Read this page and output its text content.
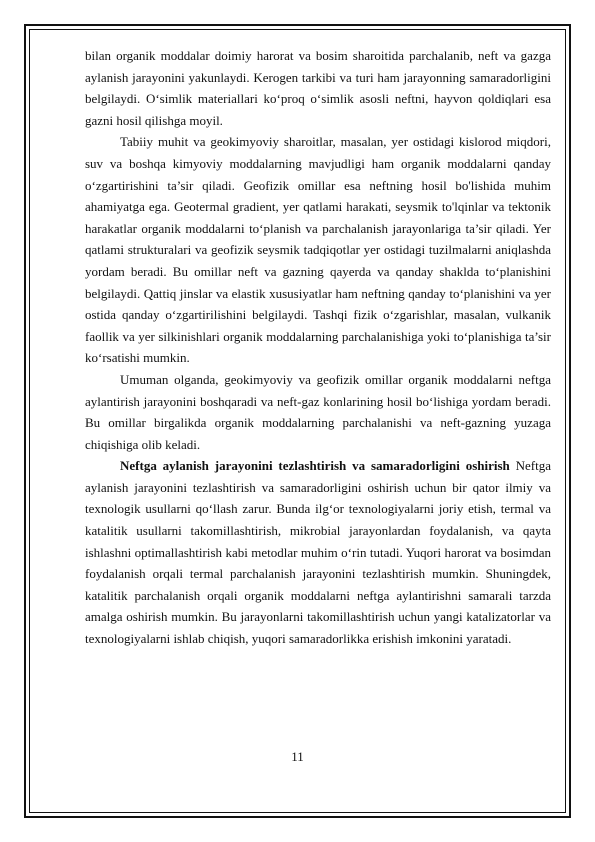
bilan organik moddalar doimiy harorat va bosim sharoitida parchalanib, neft va gazga aylanish jarayonini yakunlaydi. Kerogen tarkibi va turi ham jarayonning samaradorligini belgilaydi. O‘simlik materiallari ko‘proq o‘simlik asosli neftni, hayvon qoldiqlari esa gazni hosil qilishga moyil.

Tabiiy muhit va geokimyoviy sharoitlar, masalan, yer ostidagi kislorod miqdori, suv va boshqa kimyoviy moddalarning mavjudligi ham organik moddalarni qanday o‘zgartirishini ta’sir qiladi. Geofizik omillar esa neftning hosil bo'lishida muhim ahamiyatga ega. Geotermal gradient, yer qatlami harakati, seysmik to'lqinlar va tektonik harakatlar organik moddalarni to‘planish va parchalanish jarayonlariga ta’sir qiladi. Yer qatlami strukturalari va geofizik seysmik tadqiqotlar yer ostidagi tuzilmalarni aniqlashda yordam beradi. Bu omillar neft va gazning qayerda va qanday shaklda to‘planishini belgilaydi. Qattiq jinslar va elastik xususiyatlar ham neftning qanday to‘planishini va yer ostida qanday o‘zgartirilishini belgilaydi. Tashqi fizik o‘zgarishlar, masalan, vulkanik faollik va yer silkinishlari organik moddalarning parchalanishiga yoki to‘planishiga ta’sir ko‘rsatishi mumkin.

Umuman olganda, geokimyoviy va geofizik omillar organik moddalarni neftga aylantirish jarayonini boshqaradi va neft-gaz konlarining hosil bo‘lishiga yordam beradi. Bu omillar birgalikda organik moddalarning parchalanishi va neft-gazning yuzaga chiqishiga olib keladi.

Neftga aylanish jarayonini tezlashtirish va samaradorligini oshirish Neftga aylanish jarayonini tezlashtirish va samaradorligini oshirish uchun bir qator ilmiy va texnologik usullarni qo‘llash zarur. Bunda ilg‘or texnologiyalarni joriy etish, termal va katalitik usullarni takomillashtirish, mikrobial jarayonlardan foydalanish, va qayta ishlashni optimallashtirish kabi metodlar muhim o‘rin tutadi. Yuqori harorat va bosimdan foydalanish orqali termal parchalanish jarayonini tezlashtirish mumkin. Shuningdek, katalitik parchalanish orqali organik moddalarni neftga aylantirishni samarali tarzda amalga oshirish mumkin. Bu jarayonlarni takomillashtirish uchun yangi katalizatorlar va texnologiyalarni ishlab chiqish, yuqori samaradorlikka erishish imkonini yaratadi.

11
